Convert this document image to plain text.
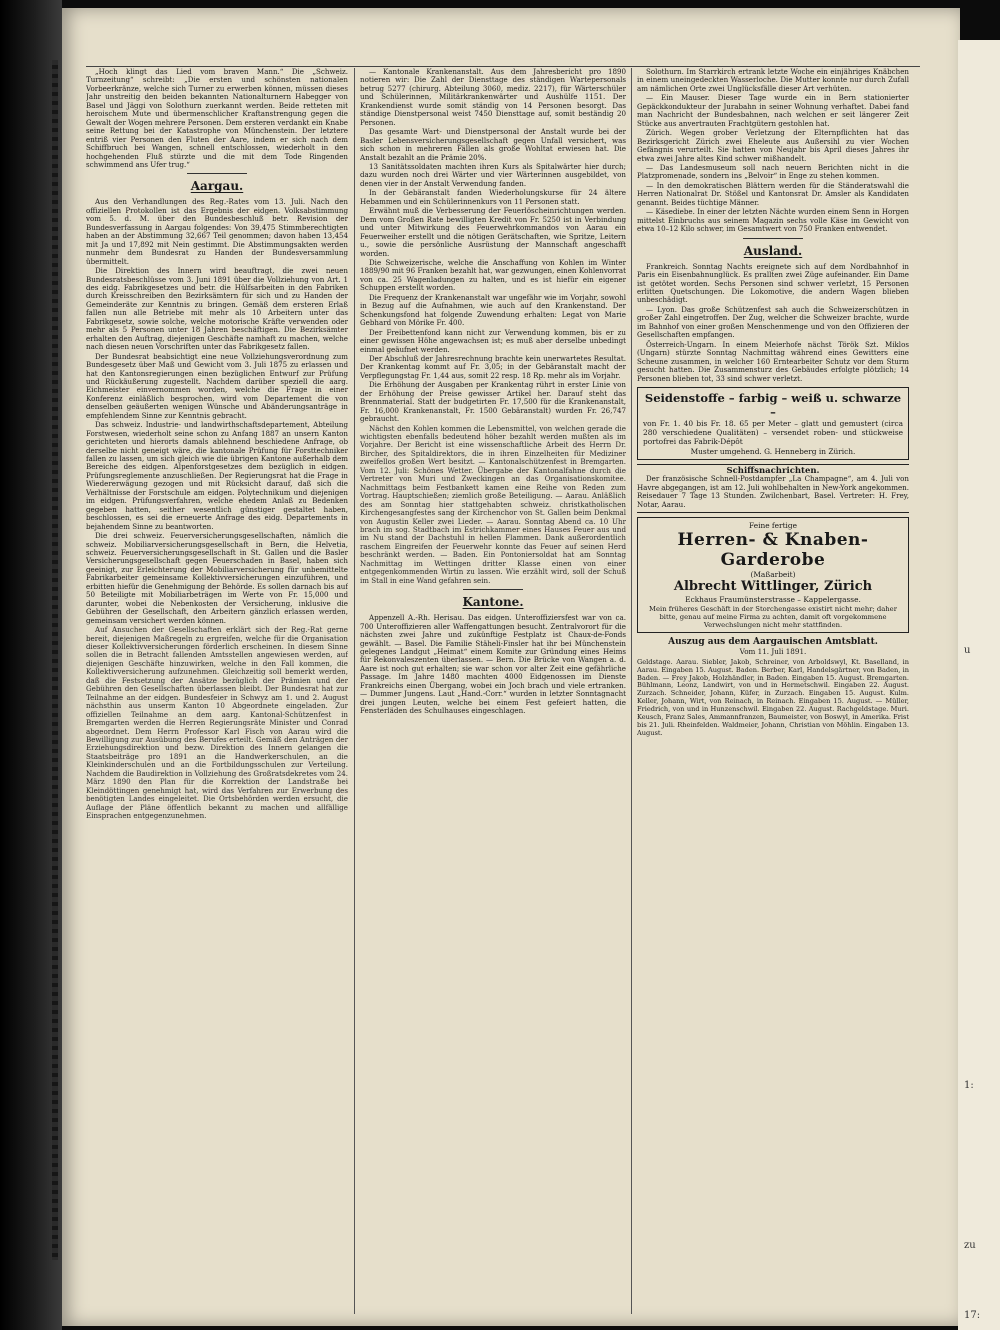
„Hoch klingt das Lied vom braven Mann.“ Die „Schweiz. Turnzeitung“ schreibt: „Die ersten und schönsten nationalen Vorbeerkränze, welche sich Turner zu erwerben können, müssen dieses Jahr unstreitig den beiden bekannten Nationalturnern Habegger von Basel und Jäggi von Solothurn zuerkannt werden. Beide retteten mit heroischem Mute und übermenschlicher Kraftanstrengung gegen die Gewalt der Wogen mehrere Personen. Dem ersteren verdankt ein Knabe seine Rettung bei der Katastrophe von Münchenstein. Der letztere entriß vier Personen den Fluten der Aare, indem er sich nach dem Schiffbruch bei Wangen, schnell entschlossen, wiederholt in den hochgehenden Fluß stürzte und die mit dem Tode Ringenden schwimmend ans Ufer trug.“

Aargau.

Aus den Verhandlungen des Reg.-Rates vom 13. Juli. Nach den offiziellen Protokollen ist das Ergebnis der eidgen. Volksabstimmung vom 5. d. M. über den Bundesbeschluß betr. Revision der Bundesverfassung in Aargau folgendes: Von 39,475 Stimmberechtigten haben an der Abstimmung 32,667 Teil genommen; davon haben 13,454 mit Ja und 17,892 mit Nein gestimmt. Die Abstimmungsakten werden nunmehr dem Bundesrat zu Handen der Bundesversammlung übermittelt.

Die Direktion des Innern wird beauftragt, die zwei neuen Bundesratsbeschlüsse vom 3. Juni 1891 über die Vollziehung von Art. 1 des eidg. Fabrikgesetzes und betr. die Hülfsarbeiten in den Fabriken durch Kreisschreiben den Bezirksämtern für sich und zu Handen der Gemeinderäte zur Kenntnis zu bringen. Gemäß dem ersteren Erlaß fallen nun alle Betriebe mit mehr als 10 Arbeitern unter das Fabrikgesetz, sowie solche, welche motorische Kräfte verwenden oder mehr als 5 Personen unter 18 Jahren beschäftigen. Die Bezirksämter erhalten den Auftrag, diejenigen Geschäfte namhaft zu machen, welche nach diesen neuen Vorschriften unter das Fabrikgesetz fallen.

Der Bundesrat beabsichtigt eine neue Vollziehungsverordnung zum Bundesgesetz über Maß und Gewicht vom 3. Juli 1875 zu erlassen und hat den Kantonsregierungen einen bezüglichen Entwurf zur Prüfung und Rückäußerung zugestellt. Nachdem darüber speziell die aarg. Eichmeister einvernommen worden, welche die Frage in einer Konferenz einläßlich besprochen, wird vom Departement die von denselben geäußerten wenigen Wünsche und Abänderungsanträge in empfehlendem Sinne zur Kenntnis gebracht.

Das schweiz. Industrie- und landwirthschaftsdepartement, Abteilung Forstwesen, wiederholt seine schon zu Anfang 1887 an unsern Kanton gerichteten und hierorts damals ablehnend beschiedene Anfrage, ob derselbe nicht geneigt wäre, die kantonale Prüfung für Forsttechniker fallen zu lassen, um sich gleich wie die übrigen Kantone außerhalb dem Bereiche des eidgen. Alpenforstgesetzes dem bezüglich in eidgen. Prüfungsreglemente anzuschließen. Der Regierungsrat hat die Frage in Wiedererwägung gezogen und mit Rücksicht darauf, daß sich die Verhältnisse der Forstschule am eidgen. Polytechnikum und diejenigen im eidgen. Prüfungsverfahren, welche ehedem Anlaß zu Bedenken gegeben hatten, seither wesentlich günstiger gestaltet haben, beschlossen, es sei die erneuerte Anfrage des eidg. Departements in bejahendem Sinne zu beantworten.

Die drei schweiz. Feuerversicherungsgesellschaften, nämlich die schweiz. Mobiliarversicherungsgesellschaft in Bern, die Helvetia, schweiz. Feuerversicherungsgesellschaft in St. Gallen und die Basler Versicherungsgesellschaft gegen Feuerschaden in Basel, haben sich geeinigt, zur Erleichterung der Mobiliarversicherung für unbemittelte Fabrikarbeiter gemeinsame Kollektivversicherungen einzuführen, und erbitten hiefür die Genehmigung der Behörde. Es sollen darnach bis auf 50 Beteiligte mit Mobiliarbeträgen im Werte von Fr. 15,000 und darunter, wobei die Nebenkosten der Versicherung, inklusive die Gebühren der Gesellschaft, den Arbeitern gänzlich erlassen werden, gemeinsam versichert werden können.

Auf Ansuchen der Gesellschaften erklärt sich der Reg.-Rat gerne bereit, diejenigen Maßregeln zu ergreifen, welche für die Organisation dieser Kollektivversicherungen förderlich erscheinen. In diesem Sinne sollen die in Betracht fallenden Amtsstellen angewiesen werden, auf diejenigen Geschäfte hinzuwirken, welche in den Fall kommen, die Kollektivversicherung aufzunehmen. Gleichzeitig soll bemerkt werden, daß die Festsetzung der Ansätze bezüglich der Prämien und der Gebühren den Gesellschaften überlassen bleibt. Der Bundesrat hat zur Teilnahme an der eidgen. Bundesfeier in Schwyz am 1. und 2. August nächsthin aus unserm Kanton 10 Abgeordnete eingeladen. Zur offiziellen Teilnahme an dem aarg. Kantonal-Schützenfest in Bremgarten werden die Herren Regierungsräte Minister und Conrad abgeordnet. Dem Herrn Professor Karl Fisch von Aarau wird die Bewilligung zur Ausübung des Berufes erteilt. Gemäß den Anträgen der Erziehungsdirektion und bezw. Direktion des Innern gelangen die Staatsbeiträge pro 1891 an die Handwerkerschulen, an die Kleinkinderschulen und an die Fortbildungsschulen zur Verteilung. Nachdem die Baudirektion in Vollziehung des Großratsdekretes vom 24. März 1890 den Plan für die Korrektion der Landstraße bei Kleindöttingen genehmigt hat, wird das Verfahren zur Erwerbung des benötigten Landes eingeleitet. Die Ortsbehörden werden ersucht, die Auflage der Pläne öffentlich bekannt zu machen und allfällige Einsprachen entgegenzunehmen.

— Kantonale Krankenanstalt. Aus dem Jahresbericht pro 1890 notieren wir: Die Zahl der Diensttage des ständigen Wartepersonals betrug 5277 (chirurg. Abteilung 3060, mediz. 2217), für Wärterschüler und Schülerinnen, Militärkrankenwärter und Aushülfe 1151. Der Krankendienst wurde somit ständig von 14 Personen besorgt. Das ständige Dienstpersonal weist 7450 Diensttage auf, somit beständig 20 Personen.

Das gesamte Wart- und Dienstpersonal der Anstalt wurde bei der Basler Lebensversicherungsgesellschaft gegen Unfall versichert, was sich schon in mehreren Fällen als große Wohltat erwiesen hat. Die Anstalt bezahlt an die Prämie 20%.

13 Sanitätssoldaten machten ihren Kurs als Spitalwärter hier durch; dazu wurden noch drei Wärter und vier Wärterinnen ausgebildet, von denen vier in der Anstalt Verwendung fanden.

In der Gebäranstalt fanden Wiederholungskurse für 24 ältere Hebammen und ein Schülerinnenkurs von 11 Personen statt.

Erwähnt muß die Verbesserung der Feuerlöscheinrichtungen werden. Dem vom Großen Rate bewilligten Kredit von Fr. 5250 ist in Verbindung und unter Mitwirkung des Feuerwehrkommandos von Aarau ein Feuerweiher erstellt und die nötigen Gerätschaften, wie Spritze, Leitern u., sowie die persönliche Ausrüstung der Mannschaft angeschafft worden.

Die Schweizerische, welche die Anschaffung von Kohlen im Winter 1889/90 mit 96 Franken bezahlt hat, war gezwungen, einen Kohlenvorrat von ca. 25 Wagenladungen zu halten, und es ist hiefür ein eigener Schuppen erstellt worden.

Die Frequenz der Krankenanstalt war ungefähr wie im Vorjahr, sowohl in Bezug auf die Aufnahmen, wie auch auf den Krankenstand. Der Schenkungsfond hat folgende Zuwendung erhalten: Legat von Marie Gebhard von Mörike Fr. 400.

Der Freibettenfond kann nicht zur Verwendung kommen, bis er zu einer gewissen Höhe angewachsen ist; es muß aber derselbe unbedingt einmal geäufnet werden.

Der Abschluß der Jahresrechnung brachte kein unerwartetes Resultat. Der Krankentag kommt auf Fr. 3,05; in der Gebäranstalt macht der Verpflegungstag Fr. 1,44 aus, somit 22 resp. 18 Rp. mehr als im Vorjahr.

Die Erhöhung der Ausgaben per Krankentag rührt in erster Linie von der Erhöhung der Preise gewisser Artikel her. Darauf steht das Brennmaterial. Statt der budgetirten Fr. 17,500 für die Krankenanstalt, Fr. 16,000 Krankenanstalt, Fr. 1500 Gebäranstalt) wurden Fr. 26,747 gebraucht.

Nächst den Kohlen kommen die Lebensmittel, von welchen gerade die wichtigsten ebenfalls bedeutend höher bezahlt werden mußten als im Vorjahre. Der Bericht ist eine wissenschaftliche Arbeit des Herrn Dr. Bircher, des Spitaldirektors, die in ihren Einzelheiten für Mediziner zweifellos großen Wert besitzt. — Kantonalschützenfest in Bremgarten. Vom 12. Juli: Schönes Wetter. Übergabe der Kantonalfahne durch die Vertreter von Muri und Zweckingen an das Organisationskomitee. Nachmittags beim Festbankett kamen eine Reihe von Reden zum Vortrag. Hauptschießen; ziemlich große Beteiligung. — Aarau. Anläßlich des am Sonntag hier stattgehabten schweiz. christkatholischen Kirchengesangfestes sang der Kirchenchor von St. Gallen beim Denkmal von Augustin Keller zwei Lieder. — Aarau. Sonntag Abend ca. 10 Uhr brach im sog. Stadtbach im Estrichkammer eines Hauses Feuer aus und im Nu stand der Dachstuhl in hellen Flammen. Dank außerordentlich raschem Eingreifen der Feuerwehr konnte das Feuer auf seinen Herd beschränkt werden. — Baden. Ein Pontoniersoldat hat am Sonntag Nachmittag im Wettingen dritter Klasse einen von einer entgegenkommenden Wirtin zu lassen. Wie erzählt wird, soll der Schuß im Stall in eine Wand gefahren sein.

Kantone.

Appenzell A.-Rh. Herisau. Das eidgen. Unteroffiziersfest war von ca. 700 Unteroffizieren aller Waffengattungen besucht. Zentralvorort für die nächsten zwei Jahre und zukünftige Festplatz ist Chaux-de-Fonds gewählt. — Basel. Die Familie Stäheli-Finsler hat ihr bei Münchenstein gelegenes Landgut „Heimat“ einem Komite zur Gründung eines Heims für Rekonvaleszenten überlassen. — Bern. Die Brücke von Wangen a. d. Aare ist noch gut erhalten; sie war schon vor alter Zeit eine gefährliche Passage. Im Jahre 1480 machten 4000 Eidgenossen im Dienste Frankreichs einen Übergang, wobei ein Joch brach und viele ertranken. — Dummer Jungens. Laut „Hand.-Corr.“ wurden in letzter Sonntagnacht drei jungen Leuten, welche bei einem Fest gefeiert hatten, die Fensterläden des Schulhauses eingeschlagen.

Solothurn. Im Starrkirch ertrank letzte Woche ein einjähriges Knäbchen in einem uneingedeckten Wasserloche. Die Mutter konnte nur durch Zufall am nämlichen Orte zwei Unglücksfälle dieser Art verhüten.

— Ein Mauser. Dieser Tage wurde ein in Bern stationierter Gepäckkondukteur der Jurabahn in seiner Wohnung verhaftet. Dabei fand man Nachricht der Bundesbahnen, nach welchen er seit längerer Zeit Stücke aus anvertrauten Frachtgütern gestohlen hat.

Zürich. Wegen grober Verletzung der Elternpflichten hat das Bezirksgericht Zürich zwei Eheleute aus Außersihl zu vier Wochen Gefängnis verurteilt. Sie hatten von Neujahr bis April dieses Jahres ihr etwa zwei Jahre altes Kind schwer mißhandelt.

— Das Landesmuseum soll nach neuern Berichten nicht in die Platzpromenade, sondern ins „Belvoir“ in Enge zu stehen kommen.

— In den demokratischen Blättern werden für die Ständeratswahl die Herren Nationalrat Dr. Stößel und Kantonsrat Dr. Amsler als Kandidaten genannt. Beides tüchtige Männer.

— Käsediebe. In einer der letzten Nächte wurden einem Senn in Horgen mittelst Einbruchs aus seinem Magazin sechs volle Käse im Gewicht von etwa 10–12 Kilo schwer, im Gesamtwert von 750 Franken entwendet.

Ausland.

Frankreich. Sonntag Nachts ereignete sich auf dem Nordbahnhof in Paris ein Eisenbahnunglück. Es prallten zwei Züge aufeinander. Ein Dame ist getötet worden. Sechs Personen sind schwer verletzt, 15 Personen erlitten Quetschungen. Die Lokomotive, die andern Wagen blieben unbeschädigt.

— Lyon. Das große Schützenfest sah auch die Schweizerschützen in großer Zahl eingetroffen. Der Zug, welcher die Schweizer brachte, wurde im Bahnhof von einer großen Menschenmenge und von den Offizieren der Gesellschaften empfangen.

Österreich-Ungarn. In einem Meierhofe nächst Török Szt. Miklos (Ungarn) stürzte Sonntag Nachmittag während eines Gewitters eine Scheune zusammen, in welcher 160 Erntearbeiter Schutz vor dem Sturm gesucht hatten. Die Zusammensturz des Gebäudes erfolgte plötzlich; 14 Personen blieben tot, 33 sind schwer verletzt.

Seidenstoffe – farbig – weiß u. schwarze –
von Fr. 1. 40 bis Fr. 18. 65 per Meter – glatt und gemustert (circa 280 verschiedene Qualitäten) – versendet roben- und stückweise portofrei das Fabrik-Dépôt
Muster umgehend. G. Henneberg in Zürich.
Schiffsnachrichten.

Der französische Schnell-Postdampfer „La Champagne“, am 4. Juli von Havre abgegangen, ist am 12. Juli wohlbehalten in New-York angekommen. Reisedauer 7 Tage 13 Stunden. Zwilchenbart, Basel. Vertreter: H. Frey, Notar, Aarau.

Feine fertige
Herren- & Knaben-Garderobe
(Maßarbeit)
Albrecht Wittlinger, Zürich
Eckhaus Fraumünsterstrasse – Kappelergasse.
Mein früheres Geschäft in der Storchengasse existirt nicht mehr; daher bitte, genau auf meine Firma zu achten, damit oft vorgekommene Verwechslungen nicht mehr stattfinden.
Auszug aus dem Aargauischen Amtsblatt.
Vom 11. Juli 1891.

Geldstage. Aarau. Siebler, Jakob, Schreiner, von Arboldswyl, Kt. Baselland, in Aarau. Eingaben 15. August. Baden. Berber, Karl, Handelsgärtner, von Baden, in Baden. — Frey Jakob, Holzhändler, in Baden. Eingaben 15. August. Bremgarten. Bühlmann, Leonz, Landwirt, von und in Hermetschwil. Eingaben 22. August. Zurzach. Schneider, Johann, Küfer, in Zurzach. Eingaben 15. August. Kulm. Keller, Johann, Wirt, von Reinach, in Reinach. Eingaben 15. August. — Müller, Friedrich, von und in Hunzenschwil. Eingaben 22. August. Rachgeldstage. Muri. Keusch, Franz Sales, Ammannfranzen, Baumeister, von Boswyl, in Amerika. Frist bis 21. Juli. Rheinfelden. Waldmeier, Johann, Christian von Möhlin. Eingaben 13. August.

u
1:
zu
17:
